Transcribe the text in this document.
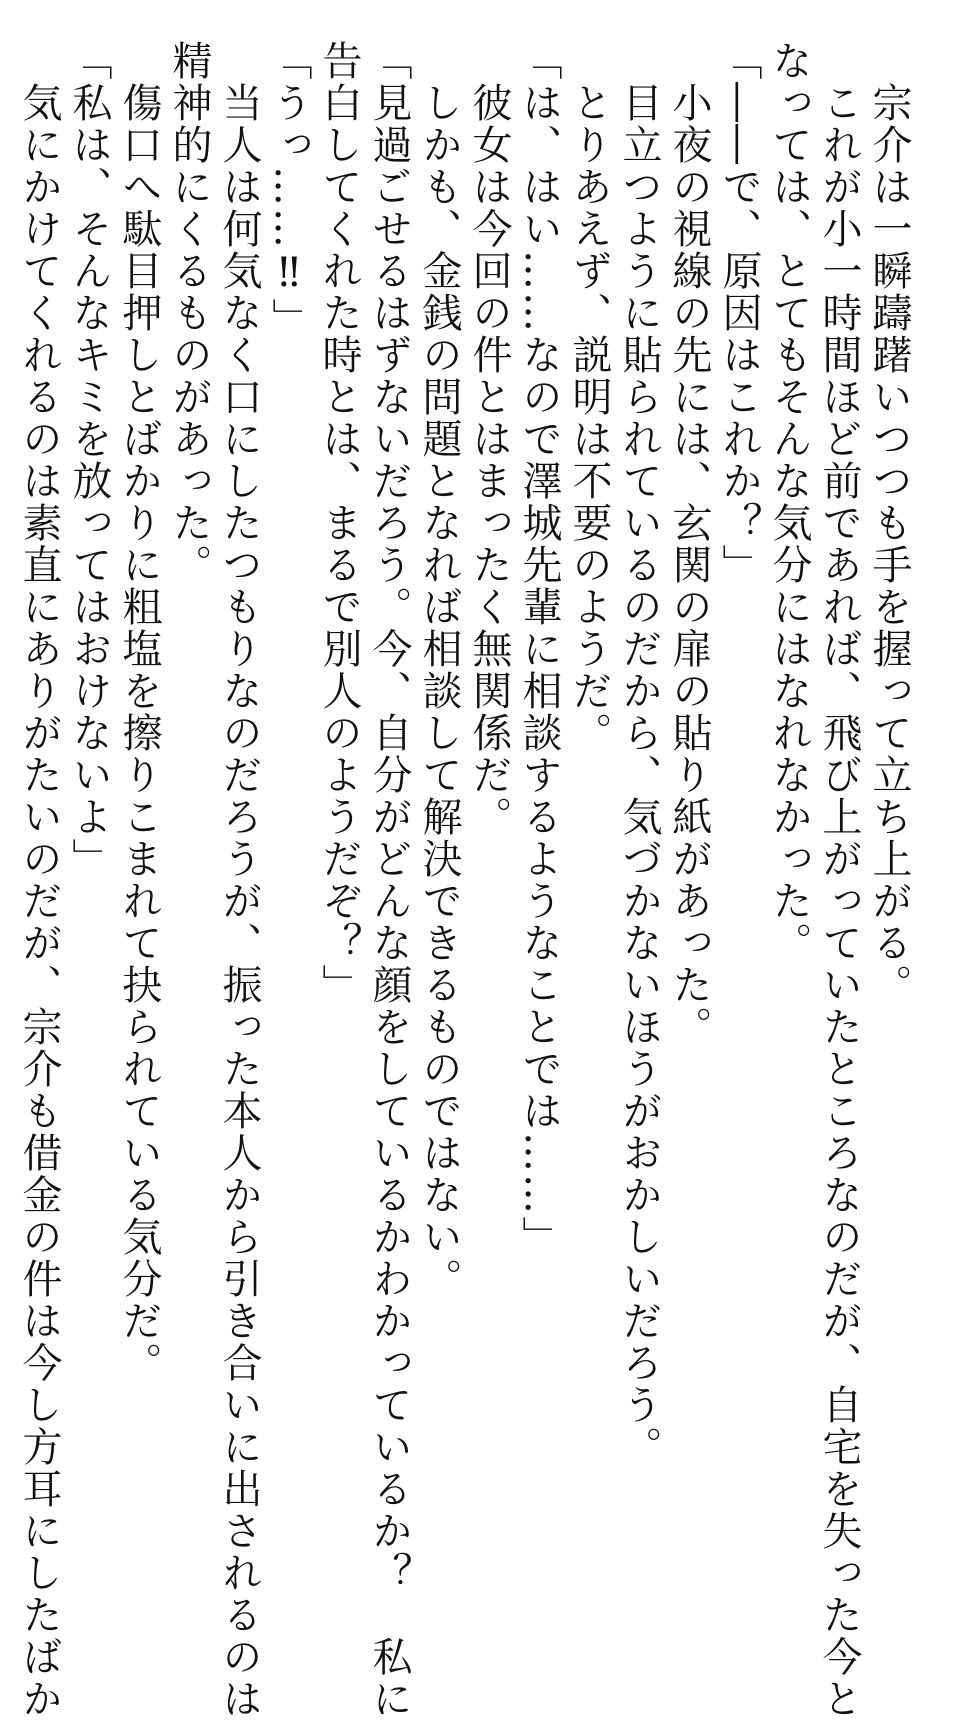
　宗介は一瞬躊躇いつつも手を握って立ち上がる。

　これが小一時間ほど前であれば、飛び上がっていたところなのだが、自宅を失った今と

なっては、とてもそんな気分にはなれなかった。

「――で、原因はこれか？」

　小夜の視線の先には、玄関の扉の貼り紙があった。

　目立つように貼られているのだから、気づかないほうがおかしいだろう。

　とりあえず、説明は不要のようだ。

「は、はい……なので澤城先輩に相談するようなことでは……」

　彼女は今回の件とはまったく無関係だ。

　しかも、金銭の問題となれば相談して解決できるものではない。

「見過ごせるはずないだろう。今、自分がどんな顔をしているかわかっているか？　私に

告白してくれた時とは、まるで別人のようだぞ？」

「うっ……‼」

　当人は何気なく口にしたつもりなのだろうが、振った本人から引き合いに出されるのは

精神的にくるものがあった。

　傷口へ駄目押しとばかりに粗塩を擦りこまれて抉られている気分だ。

「私は、そんなキミを放ってはおけないよ」

　気にかけてくれるのは素直にありがたいのだが、宗介も借金の件は今し方耳にしたばか
